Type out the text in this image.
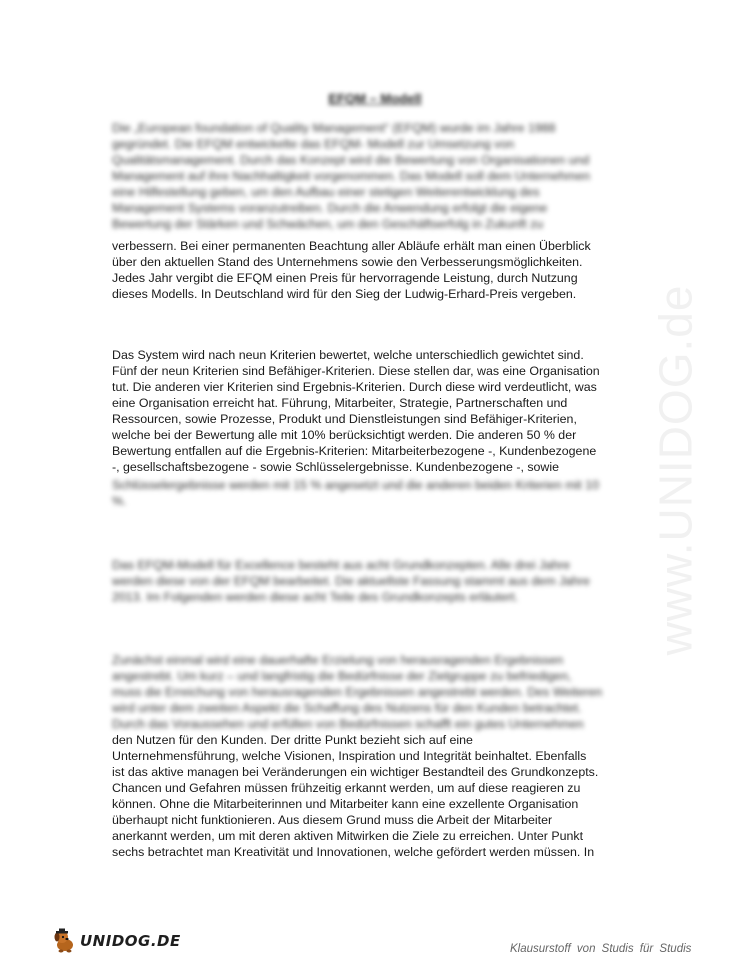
www.UNIDOG.de
EFQM – Modell
Die „European foundation of Quality Management“ (EFQM) wurde im Jahre 1988
gegründet. Die EFQM entwickelte das EFQM- Modell zur Umsetzung von
Qualitätsmanagement. Durch das Konzept wird die Bewertung von Organisationen und
Management auf ihre Nachhaltigkeit vorgenommen. Das Modell soll dem Unternehmen
eine Hilfestellung geben, um den Aufbau einer stetigen Weiterentwicklung des
Management Systems voranzutreiben. Durch die Anwendung erfolgt die eigene
Bewertung der Stärken und Schwächen, um den Geschäftserfolg in Zukunft zu
verbessern. Bei einer permanenten Beachtung aller Abläufe erhält man einen Überblick
über den aktuellen Stand des Unternehmens sowie den Verbesserungsmöglichkeiten.
Jedes Jahr vergibt die EFQM einen Preis für hervorragende Leistung, durch Nutzung
dieses Modells. In Deutschland wird für den Sieg der Ludwig-Erhard-Preis vergeben.
Das System wird nach neun Kriterien bewertet, welche unterschiedlich gewichtet sind.
Fünf der neun Kriterien sind Befähiger-Kriterien. Diese stellen dar, was eine Organisation
tut. Die anderen vier Kriterien sind Ergebnis-Kriterien. Durch diese wird verdeutlicht, was
eine Organisation erreicht hat. Führung, Mitarbeiter, Strategie, Partnerschaften und
Ressourcen, sowie Prozesse, Produkt und Dienstleistungen sind Befähiger-Kriterien,
welche bei der Bewertung alle mit 10% berücksichtigt werden. Die anderen 50 % der
Bewertung entfallen auf die Ergebnis-Kriterien: Mitarbeiterbezogene -, Kundenbezogene
-, gesellschaftsbezogene - sowie Schlüsselergebnisse. Kundenbezogene -, sowie
Schlüsselergebnisse werden mit 15 % angesetzt und die anderen beiden Kriterien mit 10
%.
Das EFQM-Modell für Excellence besteht aus acht Grundkonzepten. Alle drei Jahre
werden diese von der EFQM bearbeitet. Die aktuellste Fassung stammt aus dem Jahre
2013. Im Folgenden werden diese acht Teile des Grundkonzepts erläutert.
Zunächst einmal wird eine dauerhafte Erzielung von herausragenden Ergebnissen
angestrebt. Um kurz – und langfristig die Bedürfnisse der Zielgruppe zu befriedigen,
muss die Erreichung von herausragenden Ergebnissen angestrebt werden. Des Weiteren
wird unter dem zweiten Aspekt die Schaffung des Nutzens für den Kunden betrachtet.
Durch das Voraussehen und erfüllen von Bedürfnissen schafft ein gutes Unternehmen
den Nutzen für den Kunden. Der dritte Punkt bezieht sich auf eine
Unternehmensführung, welche Visionen, Inspiration und Integrität beinhaltet. Ebenfalls
ist das aktive managen bei Veränderungen ein wichtiger Bestandteil des Grundkonzepts.
Chancen und Gefahren müssen frühzeitig erkannt werden, um auf diese reagieren zu
können. Ohne die Mitarbeiterinnen und Mitarbeiter kann eine exzellente Organisation
überhaupt nicht funktionieren. Aus diesem Grund muss die Arbeit der Mitarbeiter
anerkannt werden, um mit deren aktiven Mitwirken die Ziele zu erreichen. Unter Punkt
sechs betrachtet man Kreativität und Innovationen, welche gefördert werden müssen. In
UNIDOG.DE	Klausurstoff von Studis für Studis
